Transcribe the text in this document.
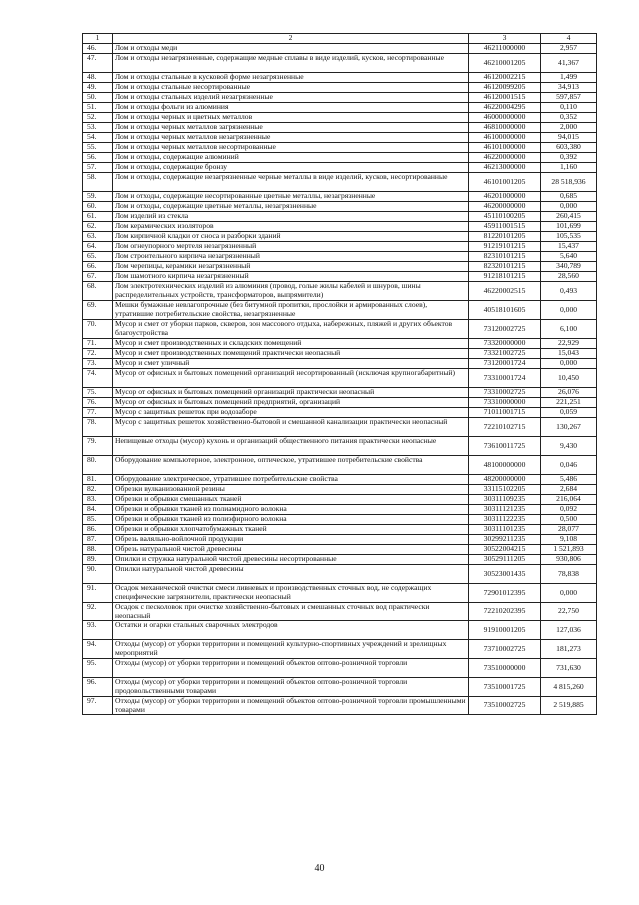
1	2	3	4
46.	Лом и отходы меди	46211000000	2,957
47.	Лом и отходы незагрязненные, содержащие медные сплавы в виде изделий, кусков, несортированные	46210001205	41,367
48.	Лом и отходы стальные в кусковой форме незагрязненные	46120002215	1,499
49.	Лом и отходы стальные несортированные	46120099205	34,913
50.	Лом и отходы стальных изделий незагрязненные	46120001515	597,857
51.	Лом и отходы фольги из алюминия	46220004295	0,110
52.	Лом и отходы черных и цветных металлов	46000000000	0,352
53.	Лом и отходы черных металлов загрязненные	46810000000	2,000
54.	Лом и отходы черных металлов незагрязненные	46100000000	94,015
55.	Лом и отходы черных металлов несортированные	46101000000	603,380
56.	Лом и отходы, содержащие алюминий	46220000000	0,392
57.	Лом и отходы, содержащие бронзу	46213000000	1,160
58.	Лом и отходы, содержащие незагрязненные черные металлы в виде изделий, кусков, несортированные	46101001205	28 518,936
59.	Лом и отходы, содержащие несортированные цветные металлы, незагрязненные	46201000000	0,685
60.	Лом и отходы, содержащие цветные металлы, незагрязненные	46200000000	0,000
61.	Лом изделий из стекла	45110100205	260,415
62.	Лом керамических изоляторов	45911001515	101,699
63.	Лом кирпичной кладки от сноса и разборки зданий	81220101205	105,535
64.	Лом огнеупорного мертеля незагрязненный	91219101215	15,437
65.	Лом строительного кирпича незагрязненный	82310101215	5,640
66.	Лом черепицы, керамики незагрязненный	82320101215	340,789
67.	Лом шамотного кирпича незагрязненный	91218101215	28,560
68.	Лом электротехнических изделий из алюминия (провод, голые жилы кабелей и шнуров, шины распределительных устройств, трансформаторов, выпрямители)	46220002515	0,493
69.	Мешки бумажные невлагопрочные (без битумной пропитки, прослойки и армированных слоев), утратившие потребительские свойства, незагрязненные	40518101605	0,000
70.	Мусор и смет от уборки парков, скверов, зон массового отдыха, набережных, пляжей и других объектов благоустройства	73120002725	6,100
71.	Мусор и смет производственных и складских помещений	73320000000	22,929
72.	Мусор и смет производственных помещений практически неопасный	73321002725	15,043
73.	Мусор и смет уличный	73120001724	0,000
74.	Мусор от офисных и бытовых помещений организаций несортированный (исключая крупногабаритный)	73310001724	10,450
75.	Мусор от офисных и бытовых помещений организаций практически неопасный	73310002725	26,076
76.	Мусор от офисных и бытовых помещений предприятий, организаций	73310000000	221,251
77.	Мусор с защитных решеток при водозаборе	71011001715	0,059
78.	Мусор с защитных решеток хозяйственно-бытовой и смешанной канализации практически неопасный	72210102715	130,267
79.	Непищевые отходы (мусор) кухонь и организаций общественного питания практически неопасные	73610011725	9,430
80.	Оборудование компьютерное, электронное, оптическое, утратившее потребительские свойства	48100000000	0,046
81.	Оборудование электрическое, утратившее потребительские свойства	48200000000	5,486
82.	Обрезки вулканизованной резины	33115102205	2,684
83.	Обрезки и обрывки смешанных тканей	30311109235	216,064
84.	Обрезки и обрывки тканей из полиамидного волокна	30311121235	0,092
85.	Обрезки и обрывки тканей из полиэфирного волокна	30311122235	0,500
86.	Обрезки и обрывки хлопчатобумажных тканей	30311101235	28,077
87.	Обрезь валяльно-войлочной продукции	30299211235	9,108
88.	Обрезь натуральной чистой древесины	30522004215	1 521,893
89.	Опилки и стружка натуральной чистой древесины несортированные	30529111205	930,806
90.	Опилки натуральной чистой древесины	30523001435	78,838
91.	Осадок механической очистки смеси ливневых и производственных сточных вод, не содержащих специфические загрязнители, практически неопасный	72901012395	0,000
92.	Осадок с песколовок при очистке хозяйственно-бытовых и смешанных сточных вод практически неопасный	72210202395	22,750
93.	Остатки и огарки стальных сварочных электродов	91910001205	127,036
94.	Отходы (мусор) от уборки территории и помещений культурно-спортивных учреждений и зрелищных мероприятий	73710002725	181,273
95.	Отходы (мусор) от уборки территории и помещений объектов оптово-розничной торговли	73510000000	731,630
96.	Отходы (мусор) от уборки территории и помещений объектов оптово-розничной торговли продовольственными товарами	73510001725	4 815,260
97.	Отходы (мусор) от уборки территории и помещений объектов оптово-розничной торговли промышленными товарами	73510002725	2 519,885
40
